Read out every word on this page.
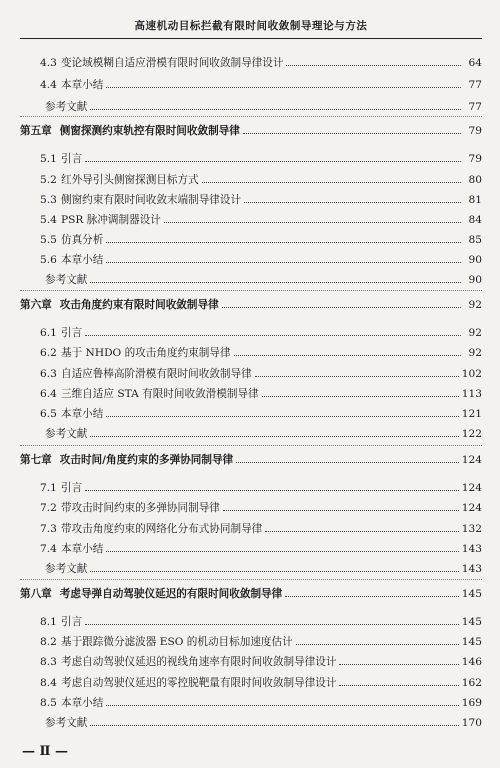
高速机动目标拦截有限时间收敛制导理论与方法
4.3 变论域模糊自适应滑模有限时间收敛制导律设计	64
4.4 本章小结	77
参考文献	77
第五章 侧窗探测约束轨控有限时间收敛制导律	79
5.1 引言	79
5.2 红外导引头侧窗探测目标方式	80
5.3 侧窗约束有限时间收敛末端制导律设计	81
5.4 PSR 脉冲调制器设计	84
5.5 仿真分析	85
5.6 本章小结	90
参考文献	90
第六章 攻击角度约束有限时间收敛制导律	92
6.1 引言	92
6.2 基于 NHDO 的攻击角度约束制导律	92
6.3 自适应鲁棒高阶滑模有限时间收敛制导律	102
6.4 三维自适应 STA 有限时间收敛滑模制导律	113
6.5 本章小结	121
参考文献	122
第七章 攻击时间/角度约束的多弹协同制导律	124
7.1 引言	124
7.2 带攻击时间约束的多弹协同制导律	124
7.3 带攻击角度约束的网络化分布式协同制导律	132
7.4 本章小结	143
参考文献	143
第八章 考虑导弹自动驾驶仪延迟的有限时间收敛制导律	145
8.1 引言	145
8.2 基于跟踪微分滤波器 ESO 的机动目标加速度估计	145
8.3 考虑自动驾驶仪延迟的视线角速率有限时间收敛制导律设计	146
8.4 考虑自动驾驶仪延迟的零控脱靶量有限时间收敛制导律设计	162
8.5 本章小结	169
参考文献	170
— Ⅱ —
